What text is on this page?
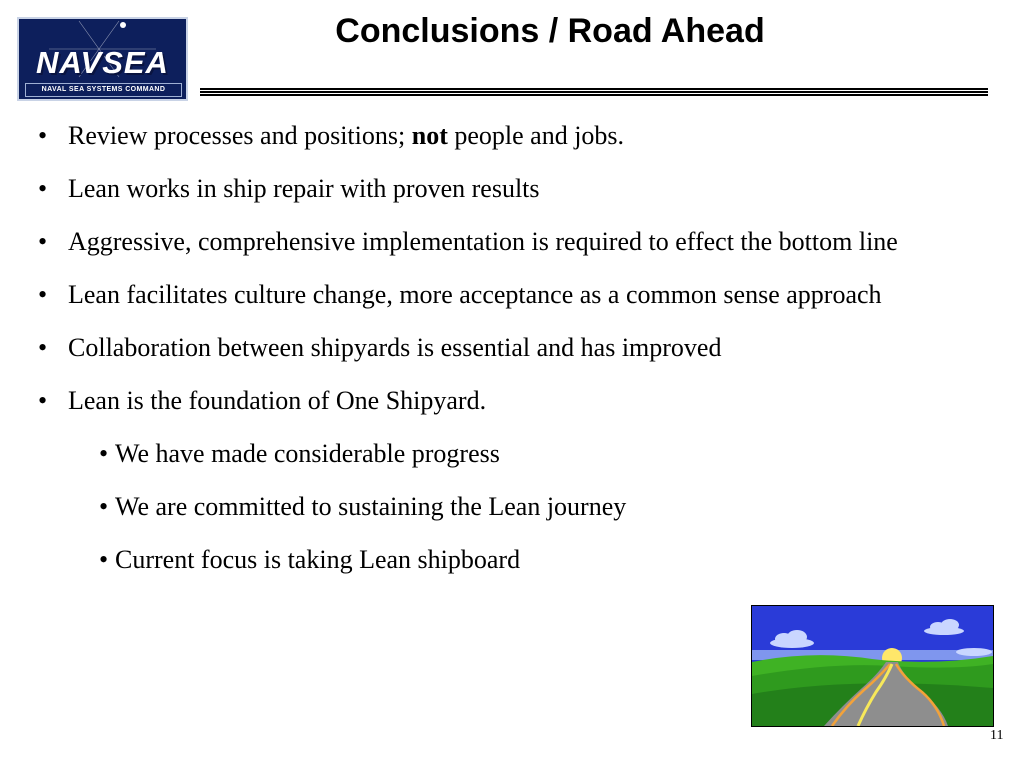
NAVSEA
NAVAL SEA SYSTEMS COMMAND
Conclusions / Road Ahead
• Review processes and positions; not people and jobs.
• Lean works in ship repair with proven results
• Aggressive, comprehensive implementation is required to effect the bottom line
• Lean facilitates culture change, more acceptance as a common sense approach
• Collaboration between shipyards is essential and has improved
• Lean is the foundation of One Shipyard.
• We have made considerable progress
• We are committed to sustaining the Lean journey
• Current focus is taking Lean shipboard
11
